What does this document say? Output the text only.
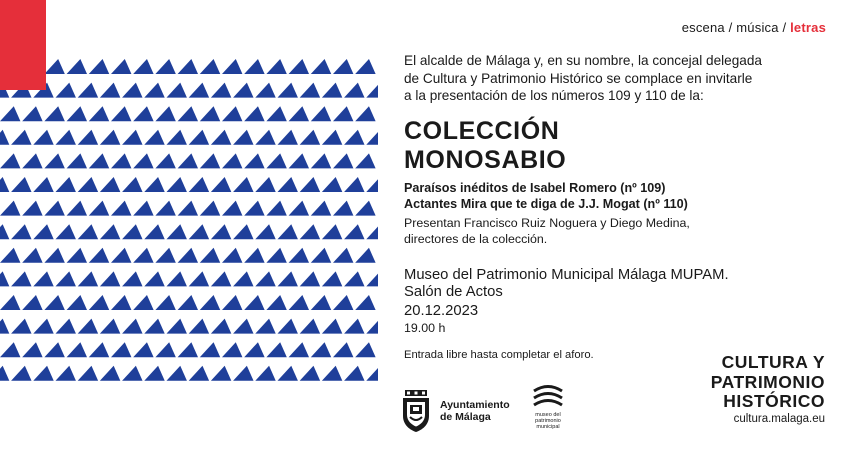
escena / música / letras
El alcalde de Málaga y, en su nombre, la concejal delegada
de Cultura y Patrimonio Histórico se complace en invitarle
a la presentación de los números 109 y 110 de la:
COLECCIÓN
MONOSABIO
Paraísos inéditos de Isabel Romero (nº 109)
Actantes Mira que te diga de J.J. Mogat (nº 110)
Presentan Francisco Ruiz Noguera y Diego Medina,
directores de la colección.
Museo del Patrimonio Municipal Málaga MUPAM.
Salón de Actos
20.12.2023
19.00 h
Entrada libre hasta completar el aforo.	CULTURA Y
PATRIMONIO
HISTÓRICO
cultura.malaga.eu
Ayuntamiento
de Málaga	museo del
patrimonio
municipal
